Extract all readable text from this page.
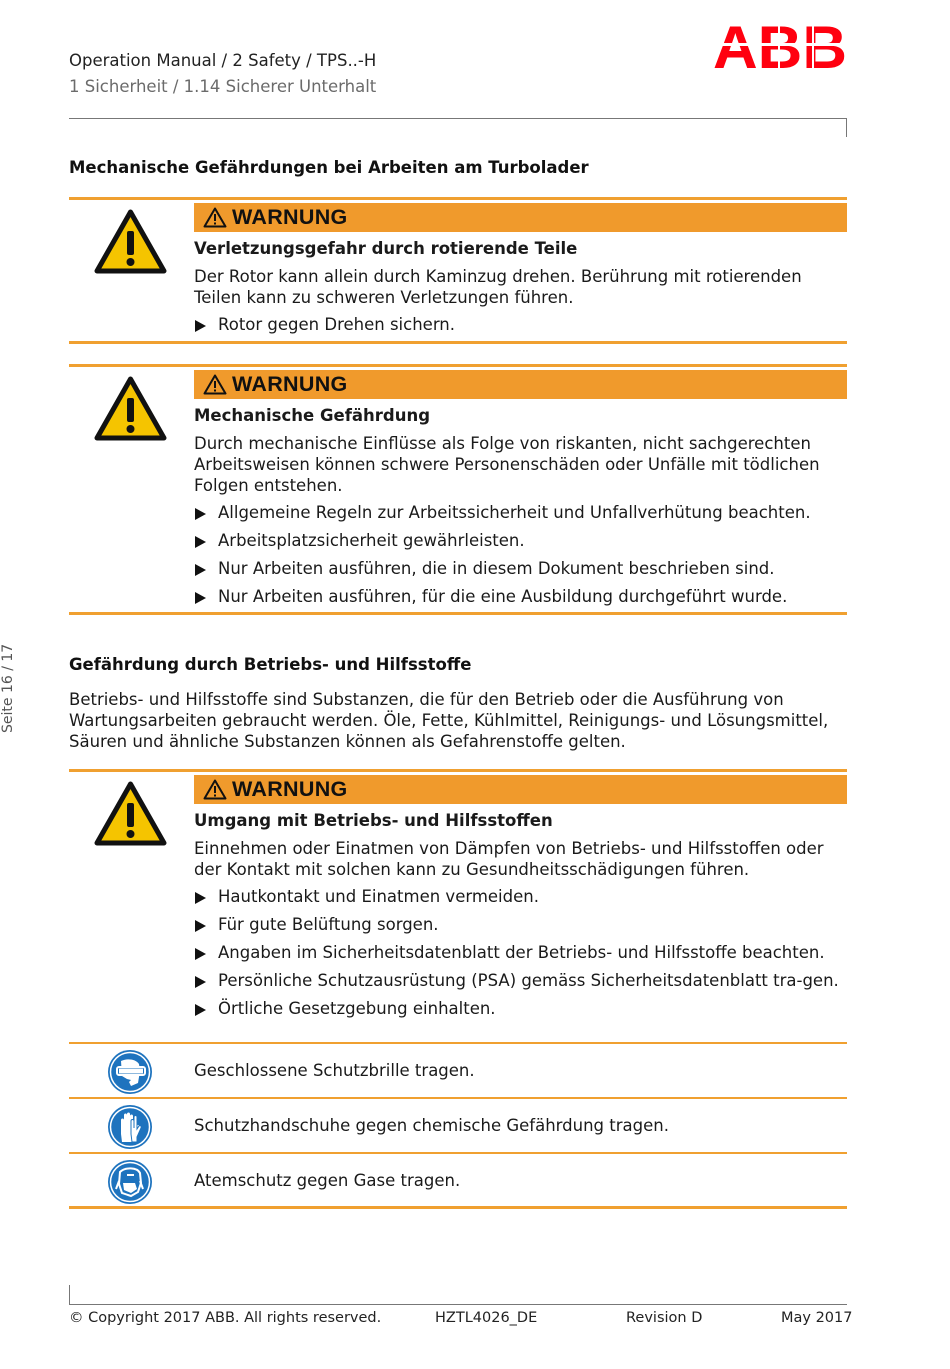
Operation Manual / 2 Safety / TPS..-H
1 Sicherheit / 1.14 Sicherer Unterhalt
Seite 16 / 17
Mechanische Gefährdungen bei Arbeiten am Turbolader
WARNUNG
Verletzungsgefahr durch rotierende Teile
Der Rotor kann allein durch Kaminzug drehen. Berührung mit rotierenden Teilen kann zu schweren Verletzungen führen.
Rotor gegen Drehen sichern.
WARNUNG
Mechanische Gefährdung
Durch mechanische Einflüsse als Folge von riskanten, nicht sachgerechten Arbeitsweisen können schwere Personenschäden oder Unfälle mit tödlichen Folgen entstehen.
Allgemeine Regeln zur Arbeitssicherheit und Unfallverhütung beachten.
Arbeitsplatzsicherheit gewährleisten.
Nur Arbeiten ausführen, die in diesem Dokument beschrieben sind.
Nur Arbeiten ausführen, für die eine Ausbildung durchgeführt wurde.
Gefährdung durch Betriebs- und Hilfsstoffe
Betriebs- und Hilfsstoffe sind Substanzen, die für den Betrieb oder die Ausführung von Wartungsarbeiten gebraucht werden. Öle, Fette, Kühlmittel, Reinigungs- und Lösungsmittel, Säuren und ähnliche Substanzen können als Gefahrenstoffe gelten.
WARNUNG
Umgang mit Betriebs- und Hilfsstoffen
Einnehmen oder Einatmen von Dämpfen von Betriebs- und Hilfsstoffen oder der Kontakt mit solchen kann zu Gesundheitsschädigungen führen.
Hautkontakt und Einatmen vermeiden.
Für gute Belüftung sorgen.
Angaben im Sicherheitsdatenblatt der Betriebs- und Hilfsstoffe beachten.
Persönliche Schutzausrüstung (PSA) gemäss Sicherheitsdatenblatt tra-gen.
Örtliche Gesetzgebung einhalten.
Geschlossene Schutzbrille tragen.
Schutzhandschuhe gegen chemische Gefährdung tragen.
Atemschutz gegen Gase tragen.
© Copyright 2017 ABB. All rights reserved.	HZTL4026_DE	Revision D	May 2017
